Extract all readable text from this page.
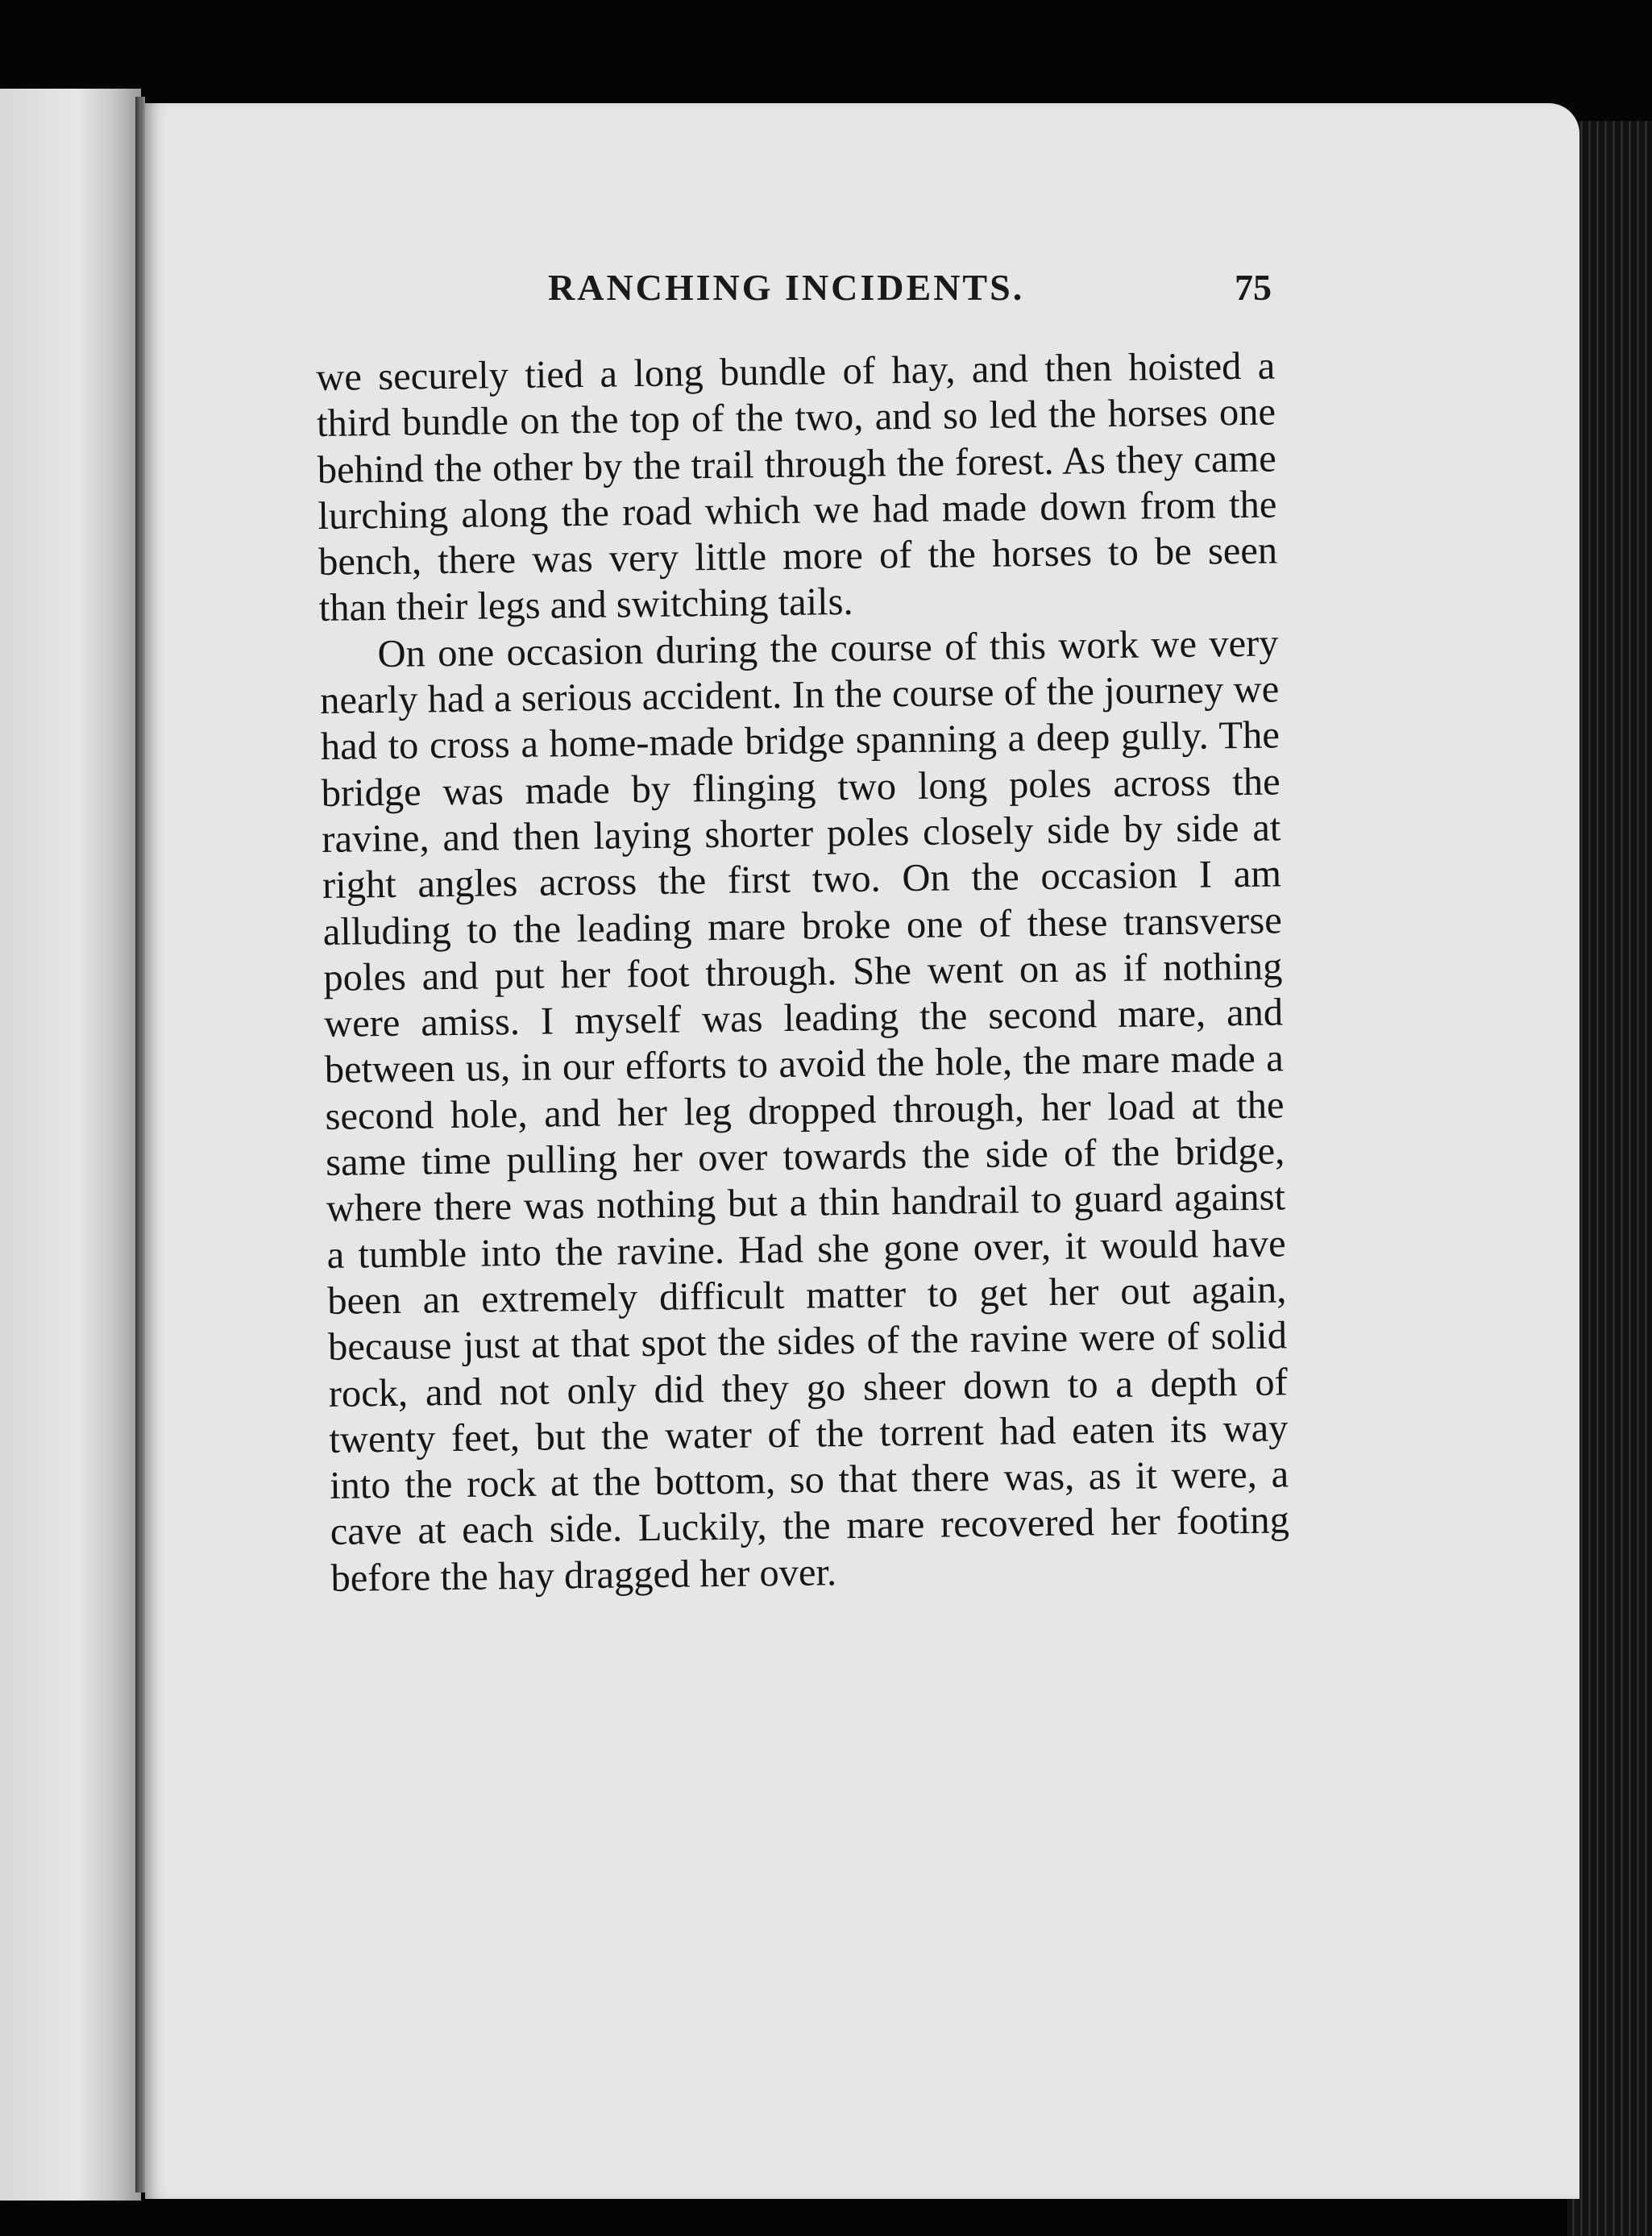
RANCHING INCIDENTS.	75

we securely tied a long bundle of hay, and then hoisted a third bundle on the top of the two, and so led the horses one behind the other by the trail through the forest. As they came lurching along the road which we had made down from the bench, there was very little more of the horses to be seen than their legs and switching tails.

On one occasion during the course of this work we very nearly had a serious accident. In the course of the journey we had to cross a home-made bridge spanning a deep gully. The bridge was made by flinging two long poles across the ravine, and then laying shorter poles closely side by side at right angles across the first two. On the occasion I am alluding to the leading mare broke one of these transverse poles and put her foot through. She went on as if nothing were amiss. I myself was leading the second mare, and between us, in our efforts to avoid the hole, the mare made a second hole, and her leg dropped through, her load at the same time pulling her over towards the side of the bridge, where there was nothing but a thin handrail to guard against a tumble into the ravine. Had she gone over, it would have been an extremely difficult matter to get her out again, because just at that spot the sides of the ravine were of solid rock, and not only did they go sheer down to a depth of twenty feet, but the water of the torrent had eaten its way into the rock at the bottom, so that there was, as it were, a cave at each side. Luckily, the mare recovered her footing before the hay dragged her over.
